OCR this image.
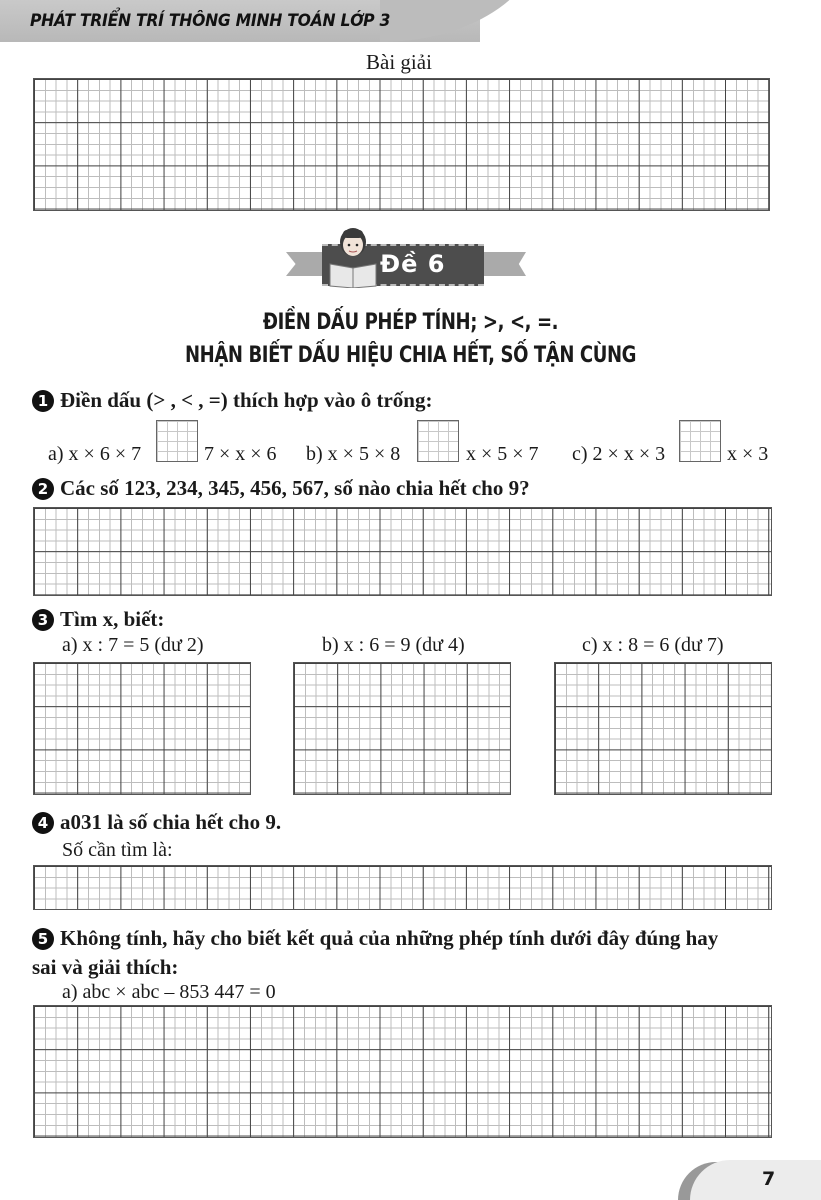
PHÁT TRIỂN TRÍ THÔNG MINH TOÁN LỚP 3
Bài giải
Đề 6
ĐIỀN DẤU PHÉP TÍNH; >, <, =.
NHẬN BIẾT DẤU HIỆU CHIA HẾT, SỐ TẬN CÙNG
1 Điền dấu (> , < , =) thích hợp vào ô trống:
a) x × 6 × 7	7 × x × 6 b) x × 5 × 8	x × 5 × 7 c) 2 × x × 3	x × 3
2 Các số 123, 234, 345, 456, 567, số nào chia hết cho 9?
3 Tìm x, biết:
a) x : 7 = 5 (dư 2)	b) x : 6 = 9 (dư 4)	c) x : 8 = 6 (dư 7)
4 a031 là số chia hết cho 9.
Số cần tìm là:
5 Không tính, hãy cho biết kết quả của những phép tính dưới đây đúng hay
sai và giải thích:
a) abc × abc – 853 447 = 0
7
